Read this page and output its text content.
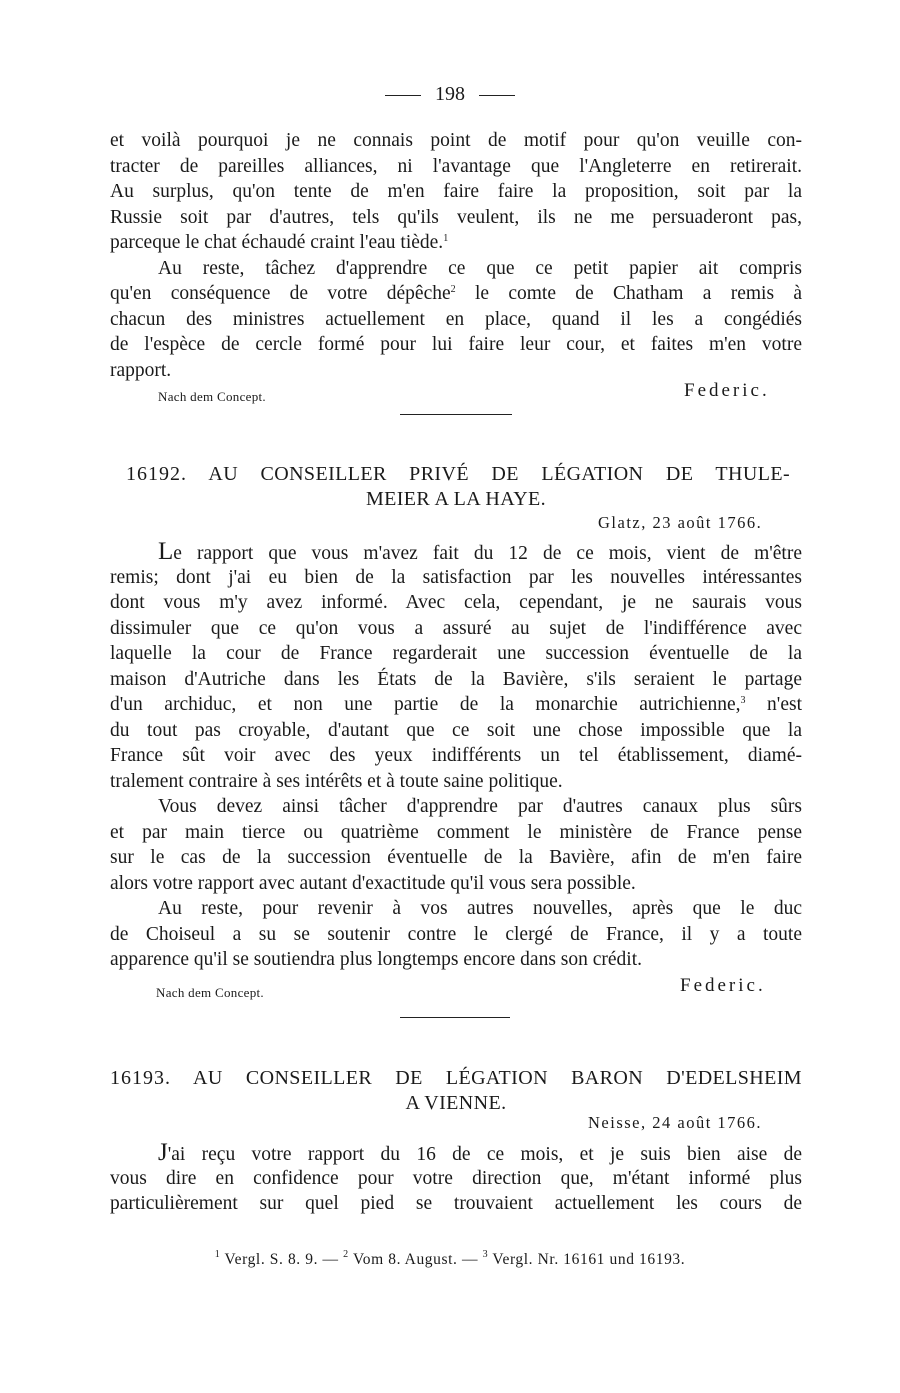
198
et voilà pourquoi je ne connais point de motif pour qu'on veuille con-
tracter de pareilles alliances, ni l'avantage que l'Angleterre en retirerait.
Au surplus, qu'on tente de m'en faire faire la proposition, soit par la
Russie soit par d'autres, tels qu'ils veulent, ils ne me persuaderont pas,
parceque le chat échaudé craint l'eau tiède.$^1$
Au reste, tâchez d'apprendre ce que ce petit papier ait compris
qu'en conséquence de votre dépêche$^2$ le comte de Chatham a remis à
chacun des ministres actuellement en place, quand il les a congédiés
de l'espèce de cercle formé pour lui faire leur cour, et faites m'en votre
rapport.
Nach dem Concept.	Federic.
16192. AU CONSEILLER PRIVÉ DE LÉGATION DE THULE-
MEIER A LA HAYE.
Glatz, 23 août 1766.
Le rapport que vous m'avez fait du 12 de ce mois, vient de m'être
remis; dont j'ai eu bien de la satisfaction par les nouvelles intéressantes
dont vous m'y avez informé. Avec cela, cependant, je ne saurais vous
dissimuler que ce qu'on vous a assuré au sujet de l'indifférence avec
laquelle la cour de France regarderait une succession éventuelle de la
maison d'Autriche dans les États de la Bavière, s'ils seraient le partage
d'un archiduc, et non une partie de la monarchie autrichienne,$^3$ n'est
du tout pas croyable, d'autant que ce soit une chose impossible que la
France sût voir avec des yeux indifférents un tel établissement, diamé-
tralement contraire à ses intérêts et à toute saine politique.
Vous devez ainsi tâcher d'apprendre par d'autres canaux plus sûrs
et par main tierce ou quatrième comment le ministère de France pense
sur le cas de la succession éventuelle de la Bavière, afin de m'en faire
alors votre rapport avec autant d'exactitude qu'il vous sera possible.
Au reste, pour revenir à vos autres nouvelles, après que le duc
de Choiseul a su se soutenir contre le clergé de France, il y a toute
apparence qu'il se soutiendra plus longtemps encore dans son crédit.
Nach dem Concept.	Federic.
16193. AU CONSEILLER DE LÉGATION BARON D'EDELSHEIM
A VIENNE.
Neisse, 24 août 1766.
J'ai reçu votre rapport du 16 de ce mois, et je suis bien aise de
vous dire en confidence pour votre direction que, m'étant informé plus
particulièrement sur quel pied se trouvaient actuellement les cours de
$^1$ Vergl. S. 8. 9. — $^2$ Vom 8. August. — $^3$ Vergl. Nr. 16161 und 16193.
